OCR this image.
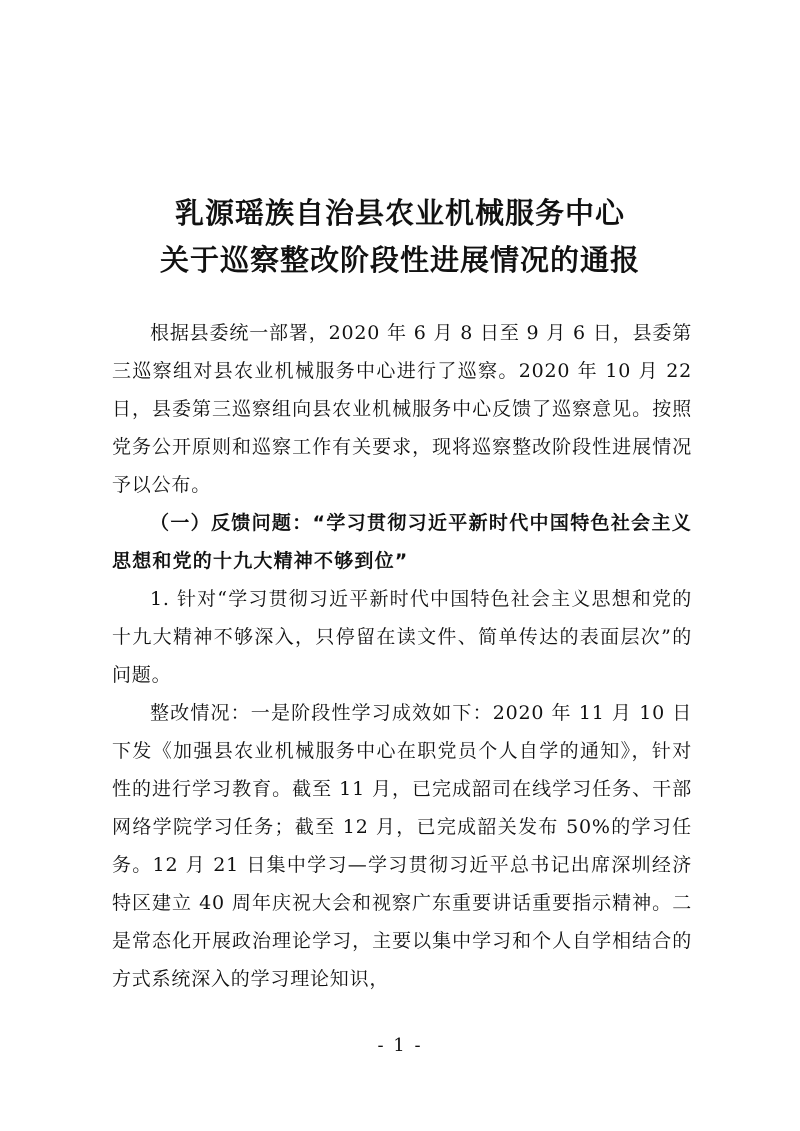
乳源瑶族自治县农业机械服务中心
关于巡察整改阶段性进展情况的通报

根据县委统一部署，2020 年 6 月 8 日至 9 月 6 日，县委第三巡察组对县农业机械服务中心进行了巡察。2020 年 10 月 22 日，县委第三巡察组向县农业机械服务中心反馈了巡察意见。按照党务公开原则和巡察工作有关要求，现将巡察整改阶段性进展情况予以公布。

（一）反馈问题：“学习贯彻习近平新时代中国特色社会主义思想和党的十九大精神不够到位”

1. 针对“学习贯彻习近平新时代中国特色社会主义思想和党的十九大精神不够深入，只停留在读文件、简单传达的表面层次”的问题。

整改情况：一是阶段性学习成效如下：2020 年 11 月 10 日下发《加强县农业机械服务中心在职党员个人自学的通知》，针对性的进行学习教育。截至 11 月，已完成韶司在线学习任务、干部网络学院学习任务；截至 12 月，已完成韶关发布 50%的学习任务。12 月 21 日集中学习—学习贯彻习近平总书记出席深圳经济特区建立 40 周年庆祝大会和视察广东重要讲话重要指示精神。二是常态化开展政治理论学习，主要以集中学习和个人自学相结合的方式系统深入的学习理论知识，

- 1 -
